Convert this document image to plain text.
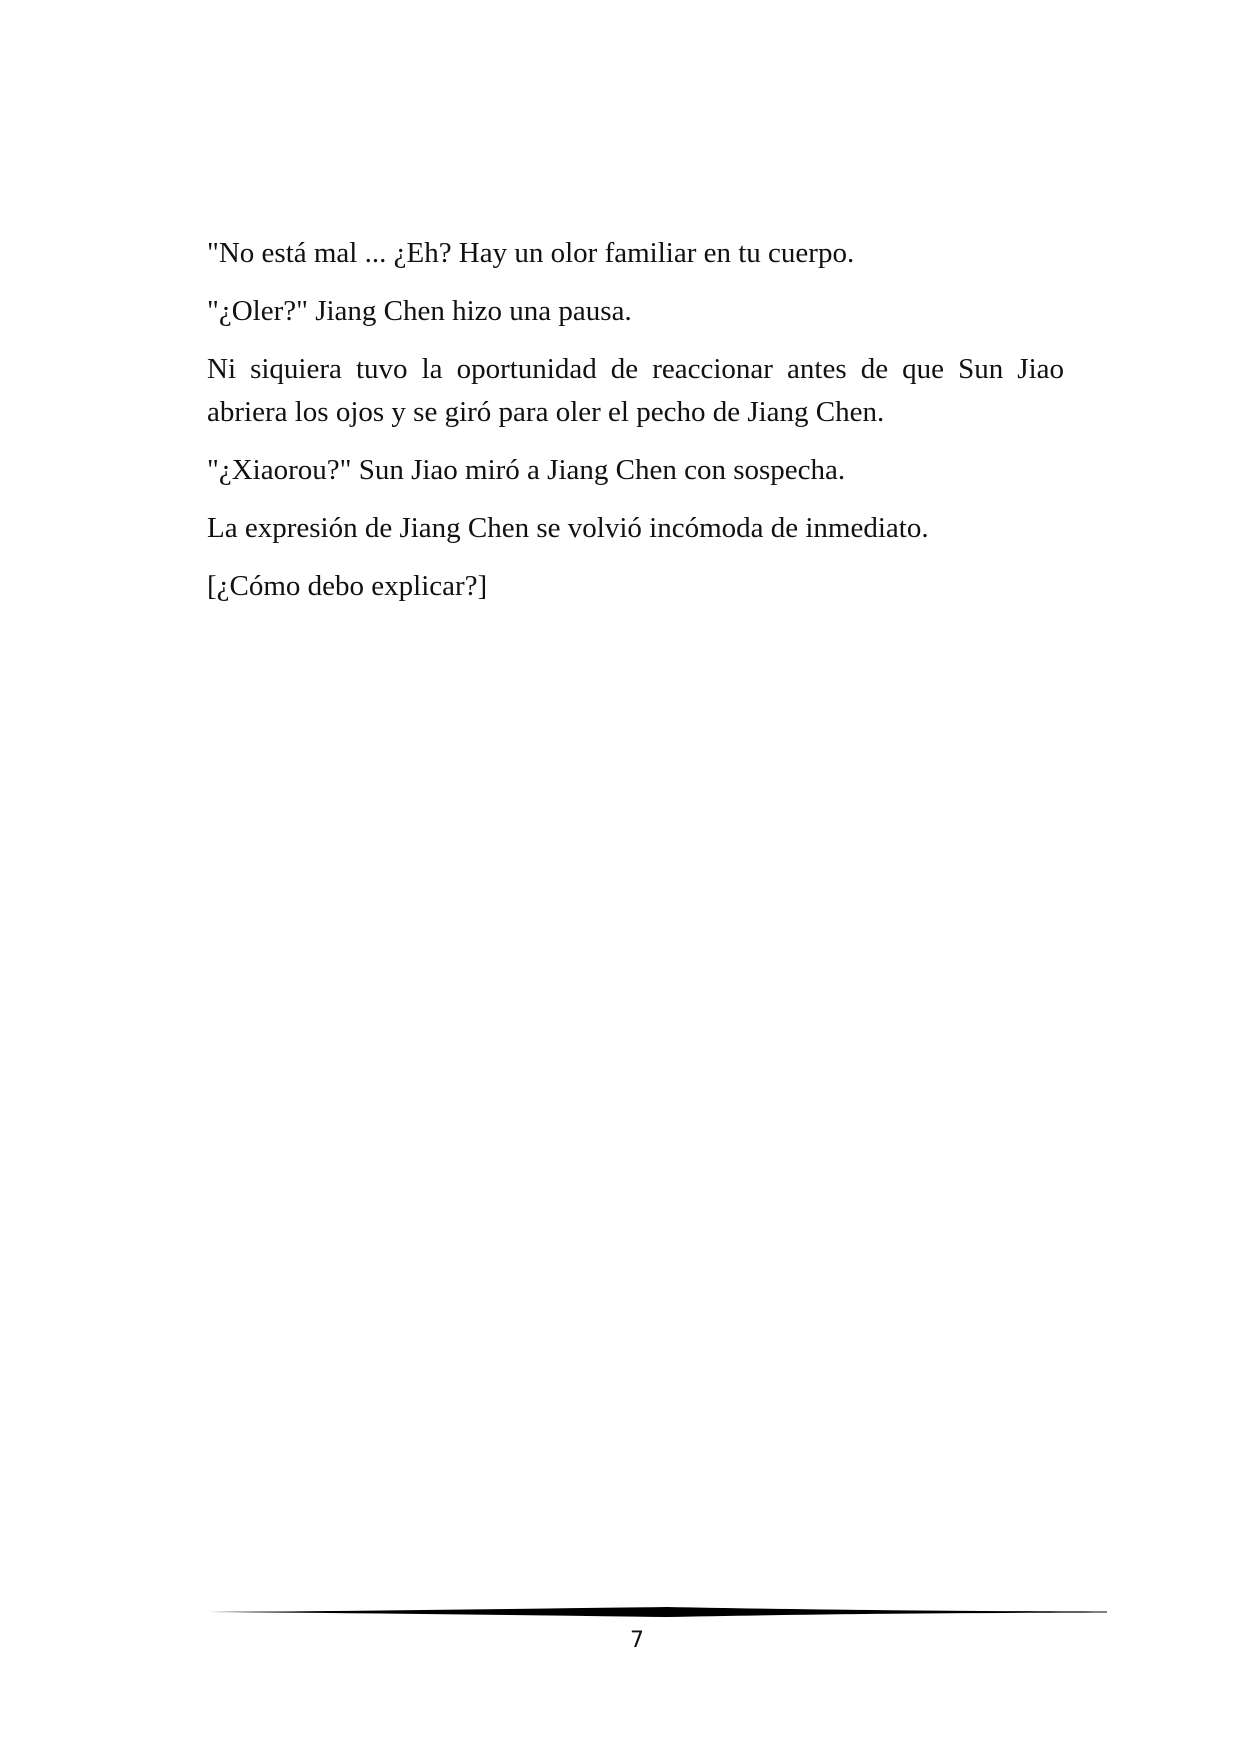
"No está mal ... ¿Eh? Hay un olor familiar en tu cuerpo.

"¿Oler?" Jiang Chen hizo una pausa.

Ni siquiera tuvo la oportunidad de reaccionar antes de que Sun Jiao abriera los ojos y se giró para oler el pecho de Jiang Chen.

"¿Xiaorou?" Sun Jiao miró a Jiang Chen con sospecha.

La expresión de Jiang Chen se volvió incómoda de inmediato.

[¿Cómo debo explicar?]

7
